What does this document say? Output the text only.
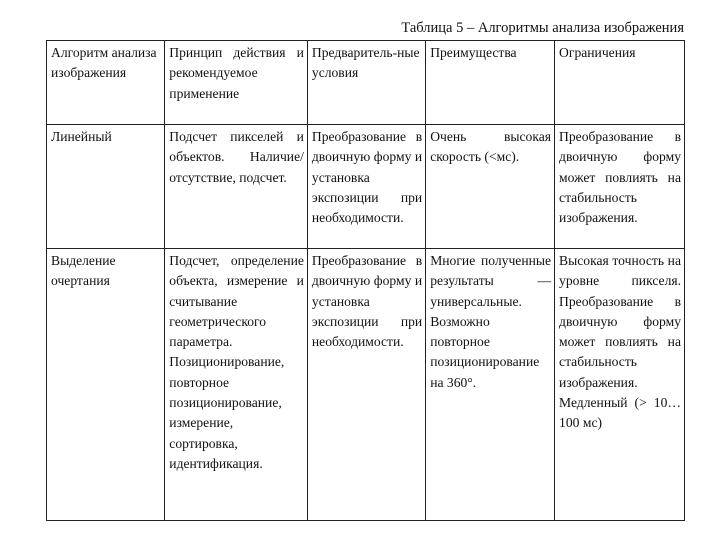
Таблица 5 – Алгоритмы анализа изображения
Алгоритм анализа изображения	Принцип действия и рекомендуемое применение	Предваритель-ные условия	Преимущества	Ограничения

Линейный	Подсчет пикселей и объектов. Наличие/отсутствие, подсчет.	Преобразование в двоичную форму и установка экспозиции при необходимости.	Очень высокая скорость (<мс).	Преобразование в двоичную форму может повлиять на стабильность изображения.

Выделение очертания	Подсчет, определение объекта, измерение и считывание геометрического параметра. Позиционирование, повторное позиционирование, измерение, сортировка, идентификация.	Преобразование в двоичную форму и установка экспозиции при необходимости.	Многие полученные результаты — универсальные. Возможно повторное позиционирование на 360°.	Высокая точность на уровне пикселя. Преобразование в двоичную форму может повлиять на стабильность изображения. Медленный (> 10…100 мс)
